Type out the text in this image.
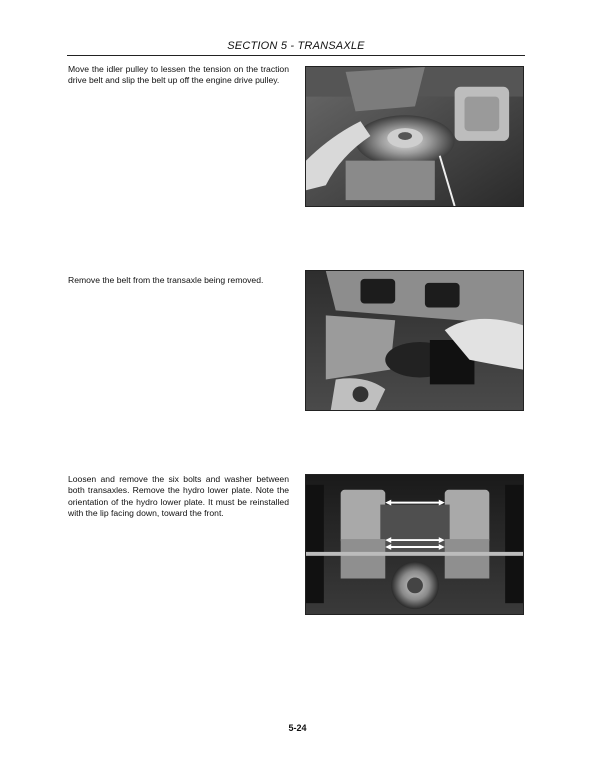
SECTION 5 - TRANSAXLE
Move the idler pulley to lessen the tension on the traction drive belt and slip the belt up off the engine drive pulley.
Remove the belt from the transaxle being removed.
Loosen and remove the six bolts and washer between both transaxles. Remove the hydro lower plate. Note the orientation of the hydro lower plate. It must be reinstalled with the lip facing down, toward the front.
5-24
